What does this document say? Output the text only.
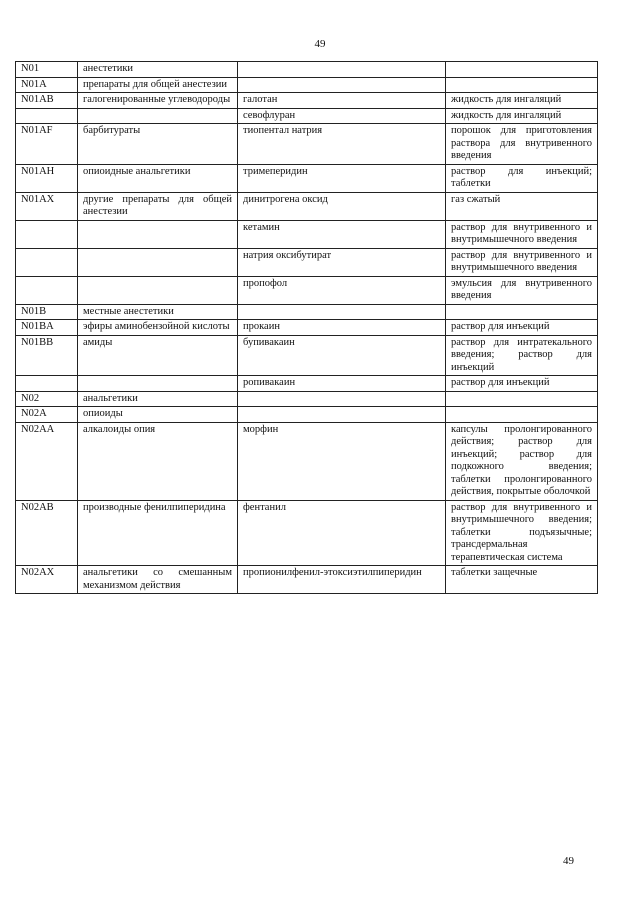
49
N01	анестетики		
N01A	препараты для общей анестезии		
N01AB	галогенированные углеводороды	галотан	жидкость для ингаляций
		севофлуран	жидкость для ингаляций
N01AF	барбитураты	тиопентал натрия	порошок для приготовления раствора для внутривенного введения
N01AH	опиоидные анальгетики	тримеперидин	раствор для инъекций; таблетки
N01AX	другие препараты для общей анестезии	динитрогена оксид	газ сжатый
		кетамин	раствор для внутривенного и внутримышечного введения
		натрия оксибутират	раствор для внутривенного и внутримышечного введения
		пропофол	эмульсия для внутривенного введения
N01B	местные анестетики		
N01BA	эфиры аминобензойной кислоты	прокаин	раствор для инъекций
N01BB	амиды	бупивакаин	раствор для интратекального введения; раствор для инъекций
		ропивакаин	раствор для инъекций
N02	анальгетики		
N02A	опиоиды		
N02AA	алкалоиды опия	морфин	капсулы пролонгированного действия; раствор для инъекций; раствор для подкожного введения; таблетки пролонгированного действия, покрытые оболочкой
N02AB	производные фенилпиперидина	фентанил	раствор для внутривенного и внутримышечного введения; таблетки подъязычные; трансдермальная терапевтическая система
N02AX	анальгетики со смешанным механизмом действия	пропионилфенил-этоксиэтилпиперидин	таблетки защечные
49
